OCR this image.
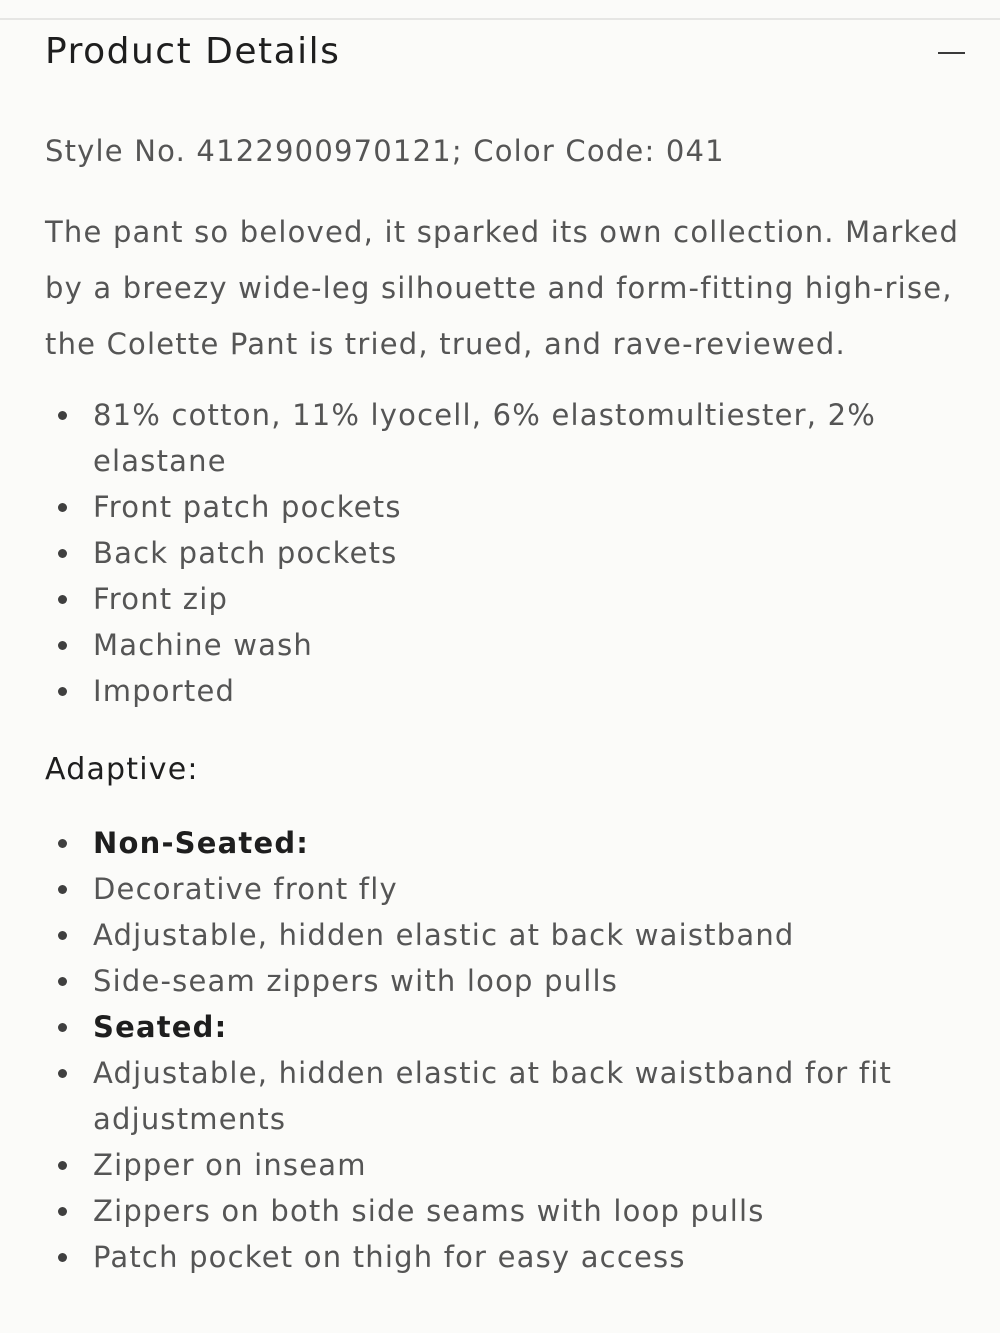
Product Details

Style No. 4122900970121; Color Code: 041

The pant so beloved, it sparked its own collection. Marked by a breezy wide-leg silhouette and form-fitting high-rise, the Colette Pant is tried, trued, and rave-reviewed.

81% cotton, 11% lyocell, 6% elastomultiester, 2% elastane
Front patch pockets
Back patch pockets
Front zip
Machine wash
Imported

Adaptive:

Non-Seated:
Decorative front fly
Adjustable, hidden elastic at back waistband
Side-seam zippers with loop pulls
Seated:
Adjustable, hidden elastic at back waistband for fit adjustments
Zipper on inseam
Zippers on both side seams with loop pulls
Patch pocket on thigh for easy access
